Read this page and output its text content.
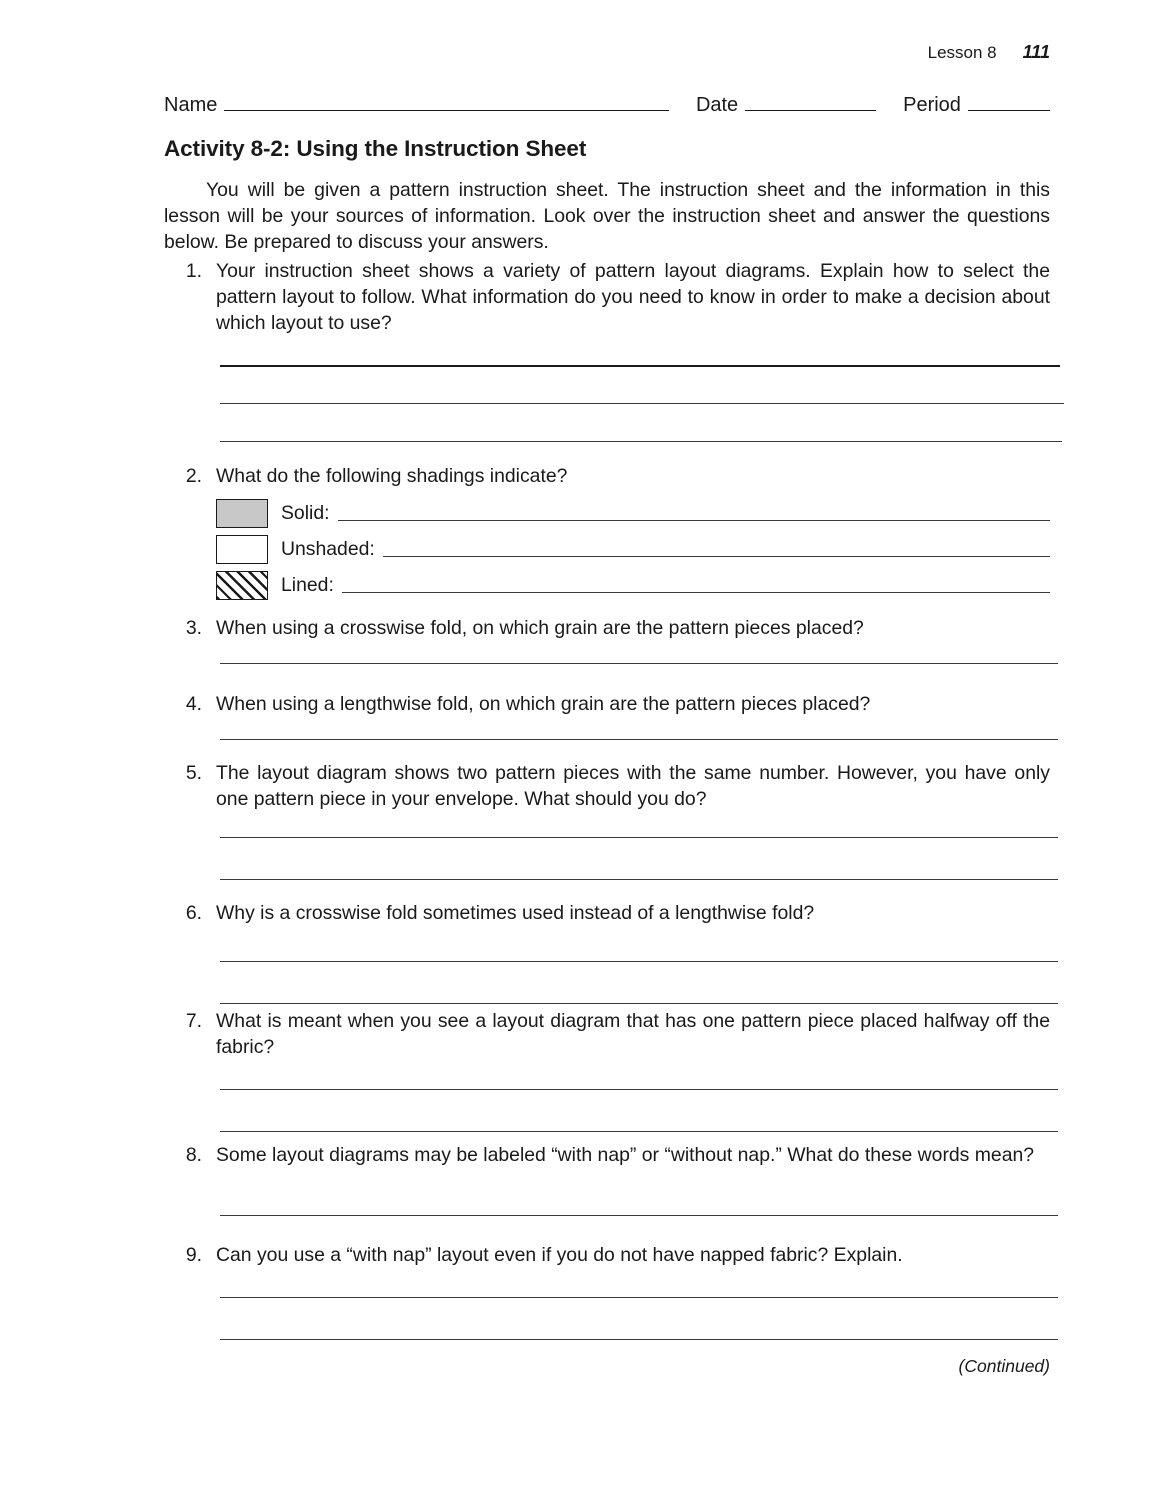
Lesson 8 111
Name	Date	Period
Activity 8-2: Using the Instruction Sheet
You will be given a pattern instruction sheet. The instruction sheet and the information in this lesson will be your sources of information. Look over the instruction sheet and answer the questions below. Be prepared to discuss your answers.
1. Your instruction sheet shows a variety of pattern layout diagrams. Explain how to select the pattern layout to follow. What information do you need to know in order to make a decision about which layout to use?
2. What do the following shadings indicate?
Solid:
Unshaded:
Lined:
3. When using a crosswise fold, on which grain are the pattern pieces placed?
4. When using a lengthwise fold, on which grain are the pattern pieces placed?
5. The layout diagram shows two pattern pieces with the same number. However, you have only one pattern piece in your envelope. What should you do?
6. Why is a crosswise fold sometimes used instead of a lengthwise fold?
7. What is meant when you see a layout diagram that has one pattern piece placed halfway off the fabric?
8. Some layout diagrams may be labeled “with nap” or “without nap.” What do these words mean?
9. Can you use a “with nap” layout even if you do not have napped fabric? Explain.
(Continued)
